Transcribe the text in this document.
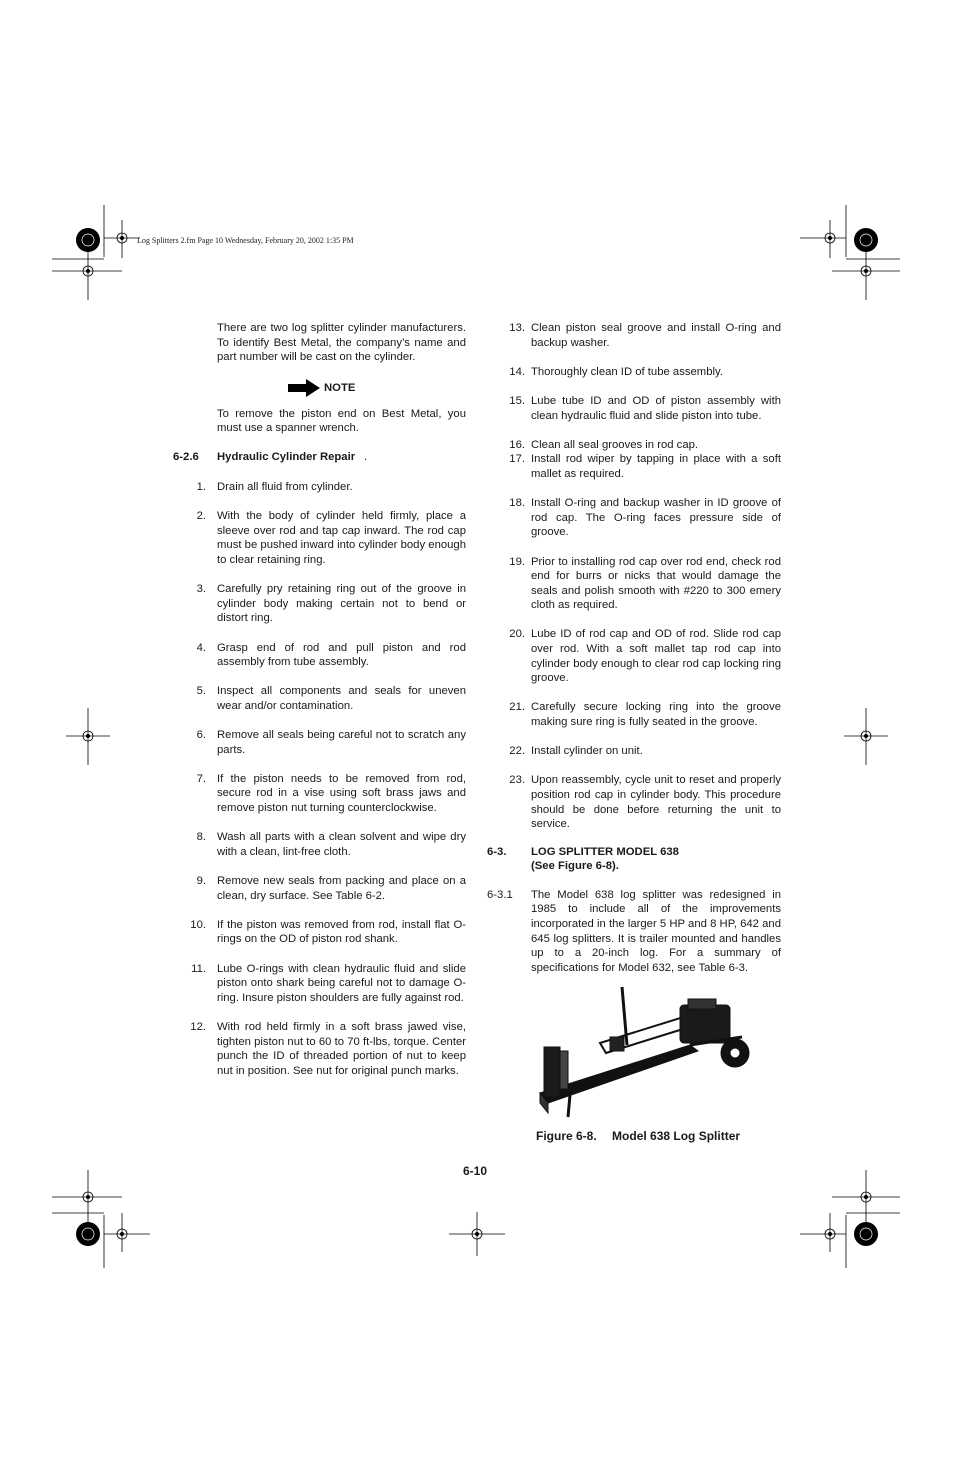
Log Splitters 2.fm Page 10 Wednesday, February 20, 2002 1:35 PM

There are two log splitter cylinder manufacturers. To identify Best Metal, the company’s name and part number will be cast on the cylinder.

NOTE

To remove the piston end on Best Metal, you must use a spanner wrench.

6-2.6 Hydraulic Cylinder Repair .
1. Drain all fluid from cylinder.
2. With the body of cylinder held firmly, place a sleeve over rod and tap cap inward. The rod cap must be pushed inward into cylinder body enough to clear retaining ring.
3. Carefully pry retaining ring out of the groove in cylinder body making certain not to bend or distort ring.
4. Grasp end of rod and pull piston and rod assembly from tube assembly.
5. Inspect all components and seals for uneven wear and/or contamination.
6. Remove all seals being careful not to scratch any parts.
7. If the piston needs to be removed from rod, secure rod in a vise using soft brass jaws and remove piston nut turning counterclockwise.
8. Wash all parts with a clean solvent and wipe dry with a clean, lint-free cloth.
9. Remove new seals from packing and place on a clean, dry surface. See Table 6-2.
10. If the piston was removed from rod, install flat O-rings on the OD of piston rod shank.
11. Lube O-rings with clean hydraulic fluid and slide piston onto shark being careful not to damage O-ring. Insure piston shoulders are fully against rod.
12. With rod held firmly in a soft brass jawed vise, tighten piston nut to 60 to 70 ft-lbs, torque. Center punch the ID of threaded portion of nut to keep nut in position. See nut for original punch marks.
13. Clean piston seal groove and install O-ring and backup washer.
14. Thoroughly clean ID of tube assembly.
15. Lube tube ID and OD of piston assembly with clean hydraulic fluid and slide piston into tube.
16. Clean all seal grooves in rod cap.
17. Install rod wiper by tapping in place with a soft mallet as required.
18. Install O-ring and backup washer in ID groove of rod cap. The O-ring faces pressure side of groove.
19. Prior to installing rod cap over rod end, check rod end for burrs or nicks that would damage the seals and polish smooth with #220 to 300 emery cloth as required.
20. Lube ID of rod cap and OD of rod. Slide rod cap over rod. With a soft mallet tap rod cap into cylinder body enough to clear rod cap locking ring groove.
21. Carefully secure locking ring into the groove making sure ring is fully seated in the groove.
22. Install cylinder on unit.
23. Upon reassembly, cycle unit to reset and properly position rod cap in cylinder body. This procedure should be done before returning the unit to service.
6-3. LOG SPLITTER MODEL 638
(See Figure 6-8).
6-3.1 The Model 638 log splitter was redesigned in 1985 to include all of the improvements incorporated in the larger 5 HP and 8 HP, 642 and 645 log splitters. It is trailer mounted and handles up to a 20-inch log. For a summary of specifications for Model 632, see Table 6-3.

Figure 6-8. Model 638 Log Splitter
6-10
